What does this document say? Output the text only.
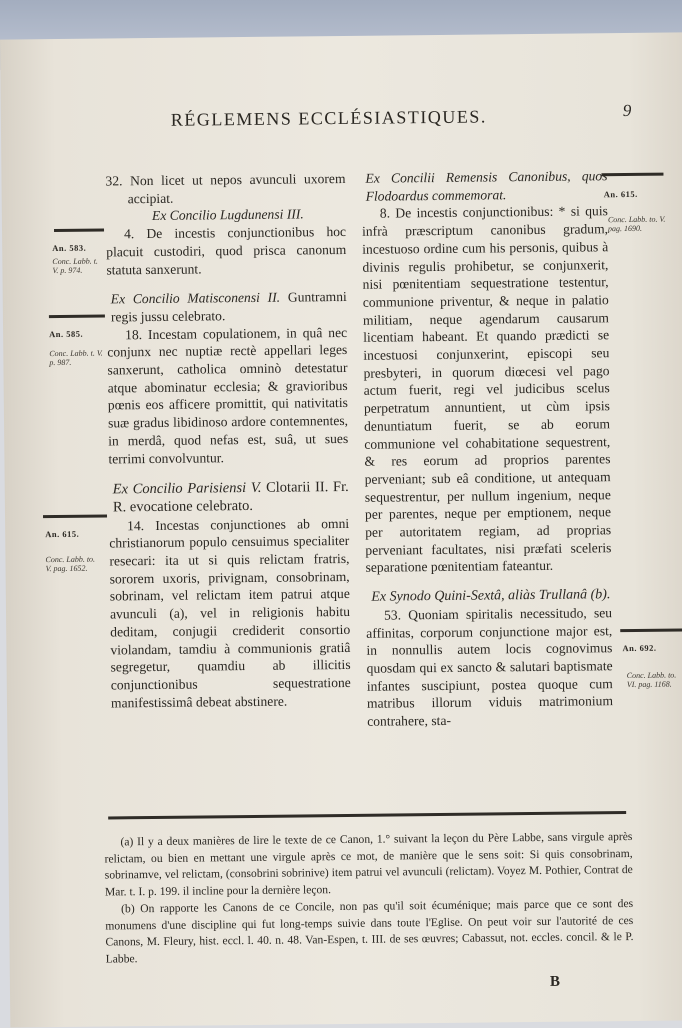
RÉGLEMENS ECCLÉSIASTIQUES.	9
An. 583.
Conc. Labb. t. V. p. 974.
An. 585.
Conc. Labb. t. V. p. 987.
An. 615.
Conc. Labb. to. V. pag. 1652.
An. 615.
Conc. Labb. to. V. pag. 1690.
An. 692.
Conc. Labb. to. VI. pag. 1168.

32. Non licet ut nepos avunculi uxorem accipiat.

Ex Concilio Lugdunensi III.

4. De incestis conjunctionibus hoc placuit custodiri, quod prisca canonum statuta sanxerunt.

Ex Concilio Matisconensi II. Guntramni regis jussu celebrato.

18. Incestam copulationem, in quâ nec conjunx nec nuptiæ rectè appellari leges sanxerunt, catholica omninò detestatur atque abominatur ecclesia; & gravioribus pœnis eos afficere promittit, qui nativitatis suæ gradus libidinoso ardore contemnentes, in merdâ, quod nefas est, suâ, ut sues terrimi convolvuntur.

Ex Concilio Parisiensi V. Clotarii II. Fr. R. evocatione celebrato.

14. Incestas conjunctiones ab omni christianorum populo censuimus specialiter resecari: ita ut si quis relictam fratris, sororem uxoris, privignam, consobrinam, sobrinam, vel relictam item patrui atque avunculi (a), vel in religionis habitu deditam, conjugii crediderit consortio violandam, tamdiu à communionis gratiâ segregetur, quamdiu ab illicitis conjunctionibus sequestratione manifestissimâ debeat abstinere.

Ex Concilii Remensis Canonibus, quos Flodoardus commemorat.

8. De incestis conjunctionibus: * si quis infrà præscriptum canonibus gradum, incestuoso ordine cum his personis, quibus à divinis regulis prohibetur, se conjunxerit, nisi pœnitentiam sequestratione testentur, communione priventur, & neque in palatio militiam, neque agendarum causarum licentiam habeant. Et quando prædicti se incestuosi conjunxerint, episcopi seu presbyteri, in quorum diœcesi vel pago actum fuerit, regi vel judicibus scelus perpetratum annuntient, ut cùm ipsis denuntiatum fuerit, se ab eorum communione vel cohabitatione sequestrent, & res eorum ad proprios parentes perveniant; sub eâ conditione, ut antequam sequestrentur, per nullum ingenium, neque per parentes, neque per emptionem, neque per autoritatem regiam, ad proprias perveniant facultates, nisi præfati sceleris separatione pœnitentiam fateantur.

Ex Synodo Quini-Sextâ, aliàs Trullanâ (b).

53. Quoniam spiritalis necessitudo, seu affinitas, corporum conjunctione major est, in nonnullis autem locis cognovimus quosdam qui ex sancto & salutari baptismate infantes suscipiunt, postea quoque cum matribus illorum viduis matrimonium contrahere, sta-

(a) Il y a deux manières de lire le texte de ce Canon, 1.° suivant la leçon du Père Labbe, sans virgule après relictam, ou bien en mettant une virgule après ce mot, de manière que le sens soit: Si quis consobrinam, sobrinamve, vel relictam, (consobrini sobrinive) item patrui vel avunculi (relictam). Voyez M. Pothier, Contrat de Mar. t. I. p. 199. il incline pour la dernière leçon.

(b) On rapporte les Canons de ce Concile, non pas qu'il soit écuménique; mais parce que ce sont des monumens d'une discipline qui fut long-temps suivie dans toute l'Eglise. On peut voir sur l'autorité de ces Canons, M. Fleury, hist. eccl. l. 40. n. 48. Van-Espen, t. III. de ses œuvres; Cabassut, not. eccles. concil. & le P. Labbe.

B
